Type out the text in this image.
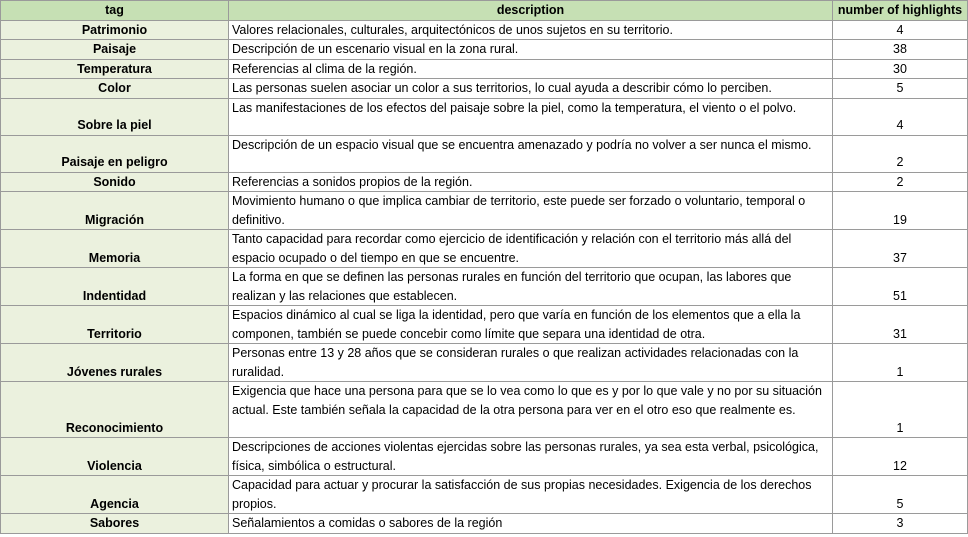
tag	description	number of highlights
Patrimonio	Valores relacionales, culturales, arquitectónicos de unos sujetos en su territorio.	4
Paisaje	Descripción de un escenario visual en la zona rural.	38
Temperatura	Referencias al clima de la región.	30
Color	Las personas suelen asociar un color a sus territorios, lo cual ayuda a describir cómo lo perciben.	5
Sobre la piel	Las manifestaciones de los efectos del paisaje sobre la piel, como la temperatura, el viento o el polvo.	4
Paisaje en peligro	Descripción de un espacio visual que se encuentra amenazado y podría no volver a ser nunca el mismo.	2
Sonido	Referencias a sonidos propios de la región.	2
Migración	Movimiento humano o que implica cambiar de territorio, este puede ser forzado o voluntario, temporal o definitivo.	19
Memoria	Tanto capacidad para recordar como ejercicio de identificación y relación con el territorio más allá del espacio ocupado o del tiempo en que se encuentre.	37
Indentidad	La forma en que se definen las personas rurales en función del territorio que ocupan, las labores que realizan y las relaciones que establecen.	51
Territorio	Espacios dinámico al cual se liga la identidad, pero que varía en función de los elementos que a ella la componen, también se puede concebir como límite que separa una identidad de otra.	31
Jóvenes rurales	Personas entre 13 y 28 años que se consideran rurales o que realizan actividades relacionadas con la ruralidad.	1
Reconocimiento	Exigencia que hace una persona para que se lo vea como lo que es y por lo que vale y no por su situación actual. Este también señala la capacidad de la otra persona para ver en el otro eso que realmente es.	1
Violencia	Descripciones de acciones violentas ejercidas sobre las personas rurales, ya sea esta verbal, psicológica, física, simbólica o estructural.	12
Agencia	Capacidad para actuar y procurar la satisfacción de sus propias necesidades. Exigencia de los derechos propios.	5
Sabores	Señalamientos a comidas o sabores de la región	3
